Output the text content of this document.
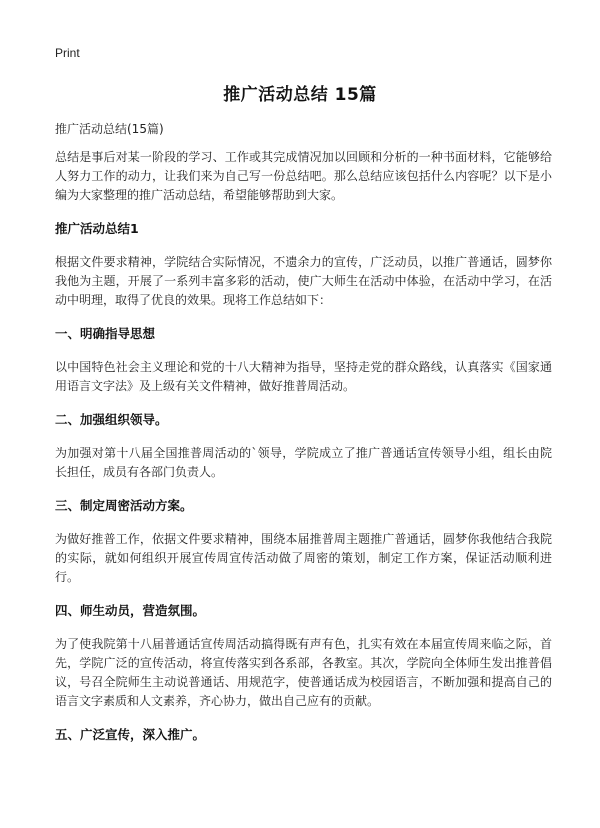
Print
推广活动总结 15篇
推广活动总结(15篇)

总结是事后对某一阶段的学习、工作或其完成情况加以回顾和分析的一种书面材料，它能够给人努力工作的动力，让我们来为自己写一份总结吧。那么总结应该包括什么内容呢？以下是小编为大家整理的推广活动总结，希望能够帮助到大家。

推广活动总结1

根据文件要求精神，学院结合实际情况，不遗余力的宣传，广泛动员，以推广普通话，圆梦你我他为主题，开展了一系列丰富多彩的活动，使广大师生在活动中体验，在活动中学习，在活动中明理，取得了优良的效果。现将工作总结如下：

一、明确指导思想

以中国特色社会主义理论和党的十八大精神为指导，坚持走党的群众路线，认真落实《国家通用语言文字法》及上级有关文件精神，做好推普周活动。

二、加强组织领导。

为加强对第十八届全国推普周活动的`领导，学院成立了推广普通话宣传领导小组，组长由院长担任，成员有各部门负责人。

三、制定周密活动方案。

为做好推普工作，依据文件要求精神，围绕本届推普周主题推广普通话，圆梦你我他结合我院的实际，就如何组织开展宣传周宣传活动做了周密的策划，制定工作方案，保证活动顺利进行。

四、师生动员，营造氛围。

为了使我院第十八届普通话宣传周活动搞得既有声有色，扎实有效在本届宣传周来临之际，首先，学院广泛的宣传活动，将宣传落实到各系部，各教室。其次，学院向全体师生发出推普倡议，号召全院师生主动说普通话、用规范字，使普通话成为校园语言，不断加强和提高自己的语言文字素质和人文素养，齐心协力，做出自己应有的贡献。

五、广泛宣传，深入推广。
